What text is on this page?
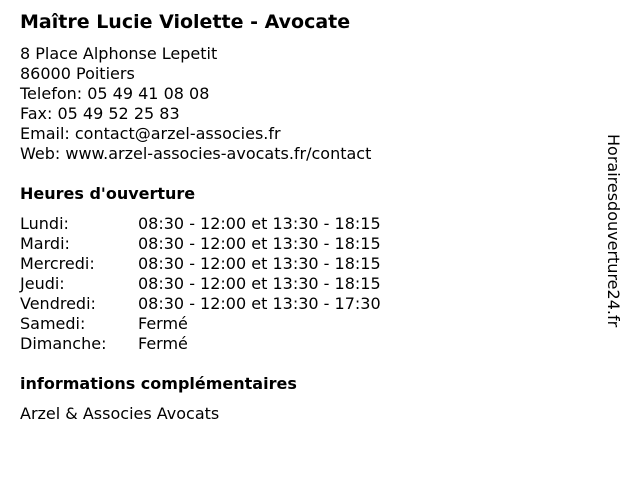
Maître Lucie Violette - Avocate
8 Place Alphonse Lepetit
86000 Poitiers
Telefon: 05 49 41 08 08
Fax: 05 49 52 25 83
Email: contact@arzel-associes.fr
Web: www.arzel-associes-avocats.fr/contact
Heures d'ouverture
Lundi:	08:30 - 12:00 et 13:30 - 18:15
Mardi:	08:30 - 12:00 et 13:30 - 18:15
Mercredi:	08:30 - 12:00 et 13:30 - 18:15
Jeudi:	08:30 - 12:00 et 13:30 - 18:15
Vendredi:	08:30 - 12:00 et 13:30 - 17:30
Samedi:	Fermé
Dimanche:	Fermé
informations complémentaires
Arzel & Associes Avocats
Horairesdouverture24.fr
